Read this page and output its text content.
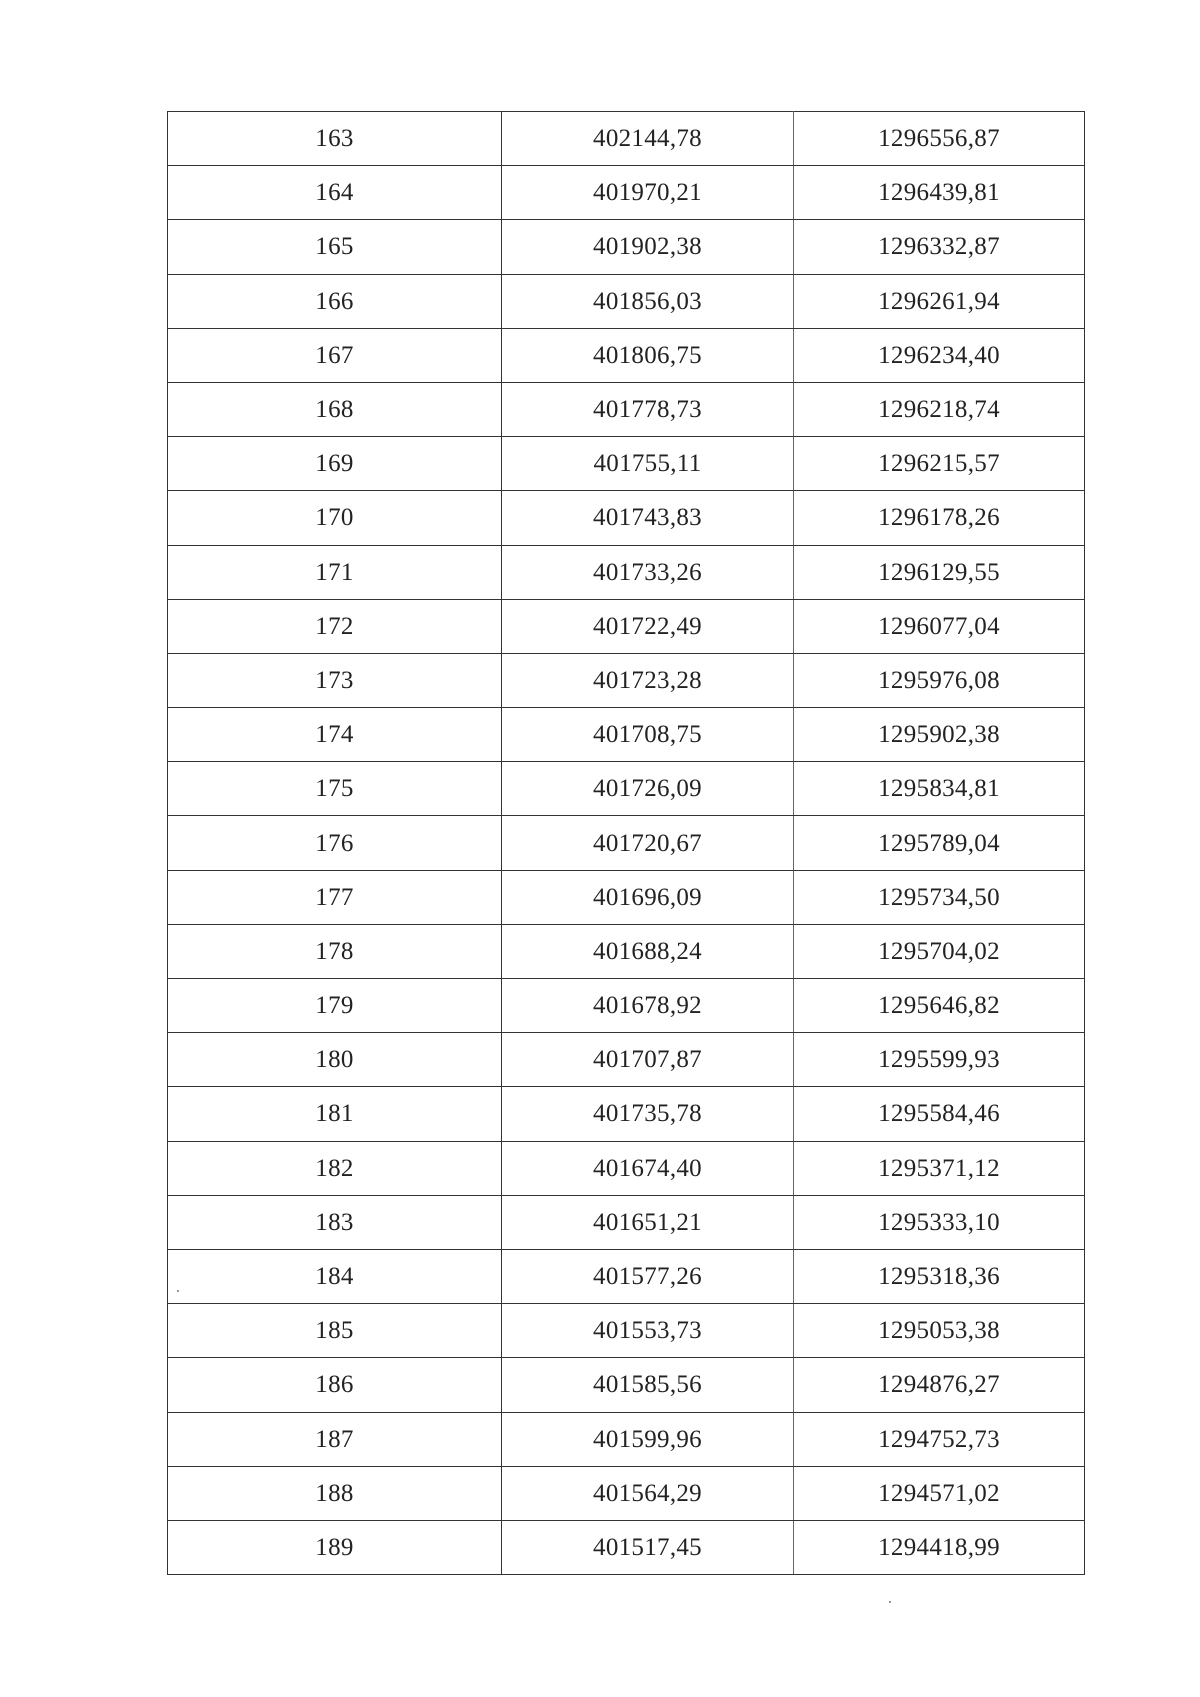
163	402144,78	1296556,87
164	401970,21	1296439,81
165	401902,38	1296332,87
166	401856,03	1296261,94
167	401806,75	1296234,40
168	401778,73	1296218,74
169	401755,11	1296215,57
170	401743,83	1296178,26
171	401733,26	1296129,55
172	401722,49	1296077,04
173	401723,28	1295976,08
174	401708,75	1295902,38
175	401726,09	1295834,81
176	401720,67	1295789,04
177	401696,09	1295734,50
178	401688,24	1295704,02
179	401678,92	1295646,82
180	401707,87	1295599,93
181	401735,78	1295584,46
182	401674,40	1295371,12
183	401651,21	1295333,10
184	401577,26	1295318,36
185	401553,73	1295053,38
186	401585,56	1294876,27
187	401599,96	1294752,73
188	401564,29	1294571,02
189	401517,45	1294418,99
